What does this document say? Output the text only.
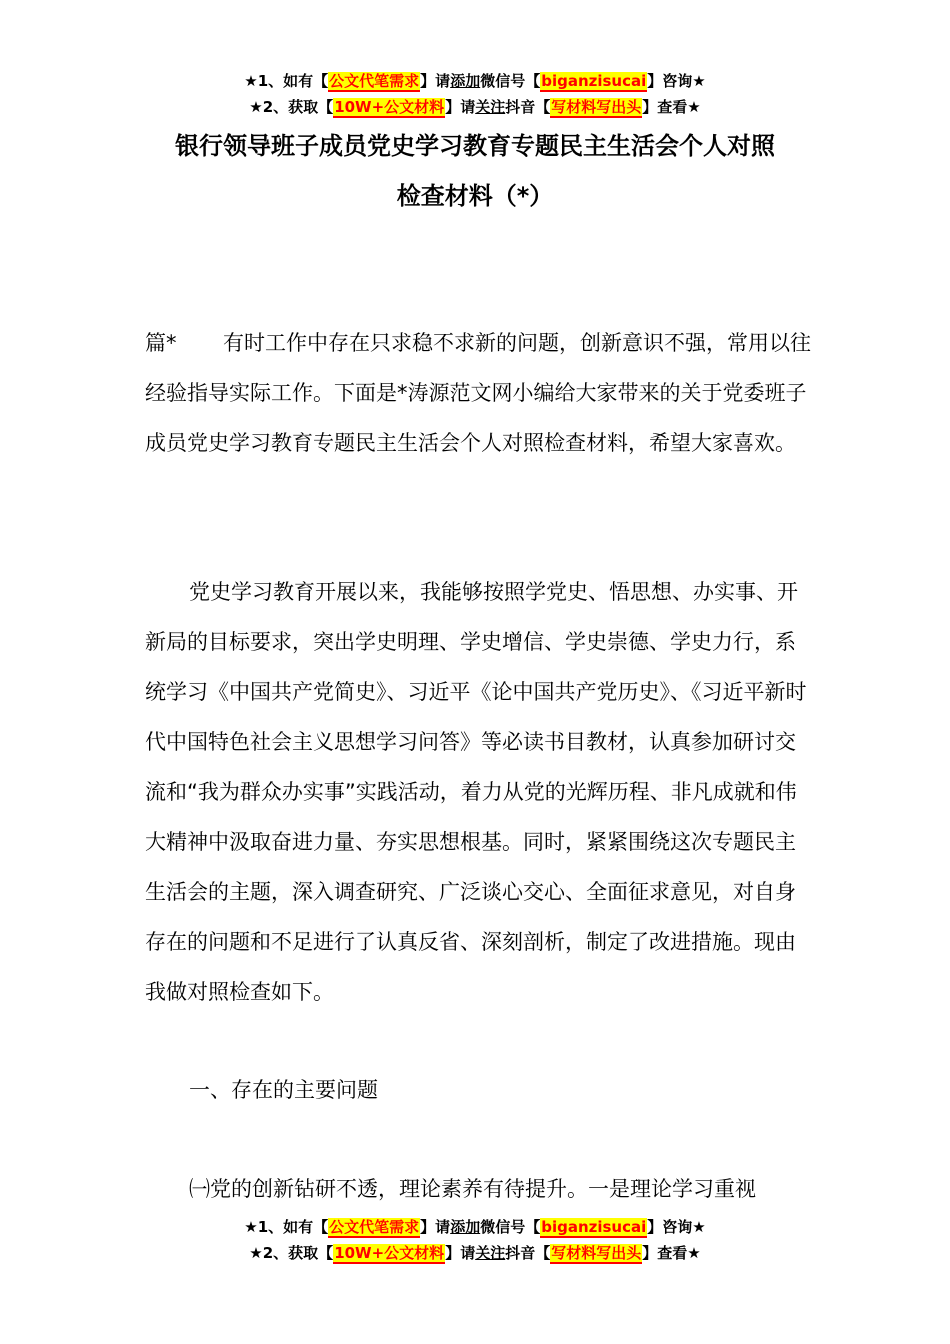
★1、如有【公文代笔需求】请添加微信号【biganzisucai】咨询★
★2、获取【10W+公文材料】请关注抖音【写材料写出头】查看★
银行领导班子成员党史学习教育专题民主生活会个人对照
检查材料（*）
篇* 有时工作中存在只求稳不求新的问题，创新意识不强，常用以往经验指导实际工作。下面是*涛源范文网小编给大家带来的关于党委班子成员党史学习教育专题民主生活会个人对照检查材料，希望大家喜欢。
党史学习教育开展以来，我能够按照学党史、悟思想、办实事、开新局的目标要求，突出学史明理、学史增信、学史崇德、学史力行，系统学习《中国共产党简史》、习近平《论中国共产党历史》、《习近平新时代中国特色社会主义思想学习问答》等必读书目教材，认真参加研讨交流和“我为群众办实事”实践活动，着力从党的光辉历程、非凡成就和伟大精神中汲取奋进力量、夯实思想根基。同时，紧紧围绕这次专题民主生活会的主题，深入调查研究、广泛谈心交心、全面征求意见，对自身存在的问题和不足进行了认真反省、深刻剖析，制定了改进措施。现由我做对照检查如下。
一、存在的主要问题
㈠党的创新钻研不透，理论素养有待提升。一是理论学习重视
★1、如有【公文代笔需求】请添加微信号【biganzisucai】咨询★
★2、获取【10W+公文材料】请关注抖音【写材料写出头】查看★
